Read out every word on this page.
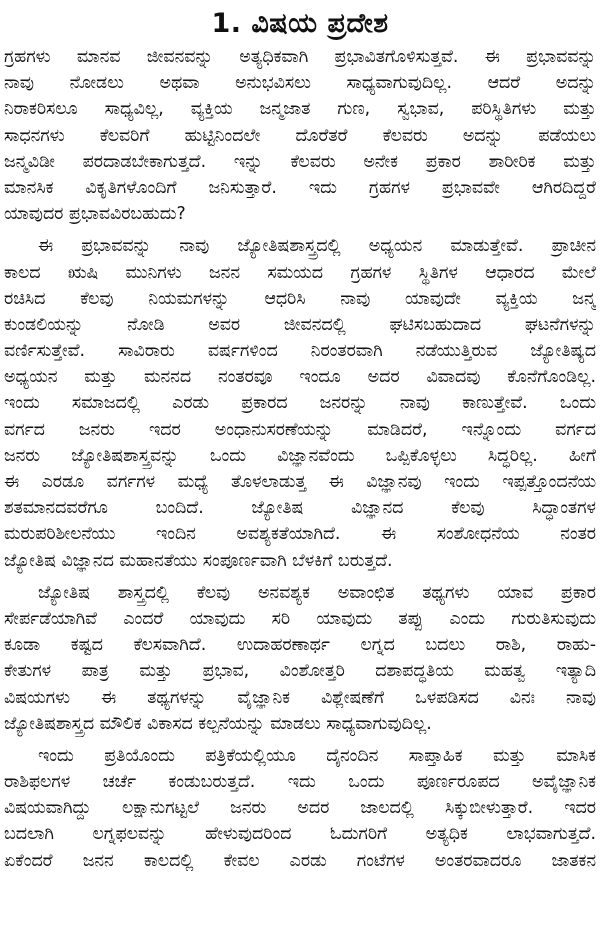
1. ವಿಷಯ ಪ್ರದೇಶ
ಗ್ರಹಗಳು ಮಾನವ ಜೀವನವನ್ನು ಅತ್ಯಧಿಕವಾಗಿ ಪ್ರಭಾವಿತಗೊಳಿಸುತ್ತವೆ. ಈ ಪ್ರಭಾವವನ್ನು
ನಾವು ನೋಡಲು ಅಥವಾ ಅನುಭವಿಸಲು ಸಾಧ್ಯವಾಗುವುದಿಲ್ಲ. ಆದರೆ ಅದನ್ನು
ನಿರಾಕರಿಸಲೂ ಸಾಧ್ಯವಿಲ್ಲ, ವ್ಯಕ್ತಿಯ ಜನ್ಮಜಾತ ಗುಣ, ಸ್ವಭಾವ, ಪರಿಸ್ಥಿತಿಗಳು ಮತ್ತು
ಸಾಧನಗಳು ಕೆಲವರಿಗೆ ಹುಟ್ಟಿನಿಂದಲೇ ದೊರೆತರೆ ಕೆಲವರು ಅದನ್ನು ಪಡೆಯಲು
ಜನ್ಮವಿಡೀ ಪರದಾಡಬೇಕಾಗುತ್ತದೆ. ಇನ್ನು ಕೆಲವರು ಅನೇಕ ಪ್ರಕಾರ ಶಾರೀರಿಕ ಮತ್ತು
ಮಾನಸಿಕ ವಿಕೃತಿಗಳೊಂದಿಗೆ ಜನಿಸುತ್ತಾರೆ. ಇದು ಗ್ರಹಗಳ ಪ್ರಭಾವವೇ ಆಗಿರದಿದ್ದರೆ
ಯಾವುದರ ಪ್ರಭಾವವಿರಬಹುದು?
ಈ ಪ್ರಭಾವವನ್ನು ನಾವು ಜ್ಯೋತಿಷಶಾಸ್ತ್ರದಲ್ಲಿ ಅಧ್ಯಯನ ಮಾಡುತ್ತೇವೆ. ಪ್ರಾಚೀನ
ಕಾಲದ ಋಷಿ ಮುನಿಗಳು ಜನನ ಸಮಯದ ಗ್ರಹಗಳ ಸ್ಥಿತಿಗಳ ಆಧಾರದ ಮೇಲೆ
ರಚಿಸಿದ ಕೆಲವು ನಿಯಮಗಳನ್ನು ಆಧರಿಸಿ ನಾವು ಯಾವುದೇ ವ್ಯಕ್ತಿಯ ಜನ್ಮ
ಕುಂಡಲಿಯನ್ನು ನೋಡಿ ಅವರ ಜೀವನದಲ್ಲಿ ಘಟಿಸಬಹುದಾದ ಘಟನೆಗಳನ್ನು
ವರ್ಣಿಸುತ್ತೇವೆ. ಸಾವಿರಾರು ವರ್ಷಗಳಿಂದ ನಿರಂತರವಾಗಿ ನಡೆಯುತ್ತಿರುವ ಜ್ಯೋತಿಷ್ಯದ
ಅಧ್ಯಯನ ಮತ್ತು ಮನನದ ನಂತರವೂ ಇಂದೂ ಅದರ ವಿವಾದವು ಕೊನೆಗೊಂಡಿಲ್ಲ.
ಇಂದು ಸಮಾಜದಲ್ಲಿ ಎರಡು ಪ್ರಕಾರದ ಜನರನ್ನು ನಾವು ಕಾಣುತ್ತೇವೆ. ಒಂದು
ವರ್ಗದ ಜನರು ಇದರ ಅಂಧಾನುಸರಣೆಯನ್ನು ಮಾಡಿದರೆ, ಇನ್ನೊಂದು ವರ್ಗದ
ಜನರು ಜ್ಯೋತಿಷಶಾಸ್ತ್ರವನ್ನು ಒಂದು ವಿಜ್ಞಾನವೆಂದು ಒಪ್ಪಿಕೊಳ್ಳಲು ಸಿದ್ಧರಿಲ್ಲ. ಹೀಗೆ
ಈ ಎರಡೂ ವರ್ಗಗಳ ಮಧ್ಯೆ ತೊಳಲಾಡುತ್ತ ಈ ವಿಜ್ಞಾನವು ಇಂದು ಇಪ್ಪತ್ತೊಂದನೆಯ
ಶತಮಾನದವರೆಗೂ ಬಂದಿದೆ. ಜ್ಯೋತಿಷ ವಿಜ್ಞಾನದ ಕೆಲವು ಸಿದ್ಧಾಂತಗಳ
ಮರುಪರಿಶೀಲನೆಯು ಇಂದಿನ ಅವಶ್ಯಕತೆಯಾಗಿದೆ. ಈ ಸಂಶೋಧನೆಯ ನಂತರ
ಜ್ಯೋತಿಷ ವಿಜ್ಞಾನದ ಮಹಾನತೆಯು ಸಂಪೂರ್ಣವಾಗಿ ಬೆಳಕಿಗೆ ಬರುತ್ತದೆ.
ಜ್ಯೋತಿಷ ಶಾಸ್ತ್ರದಲ್ಲಿ ಕೆಲವು ಅನವಶ್ಯಕ ಅವಾಂಛಿತ ತಥ್ಯಗಳು ಯಾವ ಪ್ರಕಾರ
ಸೇರ್ಪಡೆಯಾಗಿವೆ ಎಂದರೆ ಯಾವುದು ಸರಿ ಯಾವುದು ತಪ್ಪು ಎಂದು ಗುರುತಿಸುವುದು
ಕೂಡಾ ಕಷ್ಟದ ಕೆಲಸವಾಗಿದೆ. ಉದಾಹರಣಾರ್ಥ ಲಗ್ನದ ಬದಲು ರಾಶಿ, ರಾಹು-
ಕೇತುಗಳ ಪಾತ್ರ ಮತ್ತು ಪ್ರಭಾವ, ವಿಂಶೋತ್ತರಿ ದಶಾಪದ್ಧತಿಯ ಮಹತ್ವ ಇತ್ಯಾದಿ
ವಿಷಯಗಳು ಈ ತಥ್ಯಗಳನ್ನು ವೈಜ್ಞಾನಿಕ ವಿಶ್ಲೇಷಣೆಗೆ ಒಳಪಡಿಸದ ವಿನಃ ನಾವು
ಜ್ಯೋತಿಷಶಾಸ್ತ್ರದ ಮೌಲಿಕ ವಿಕಾಸದ ಕಲ್ಪನೆಯನ್ನು ಮಾಡಲು ಸಾಧ್ಯವಾಗುವುದಿಲ್ಲ.
ಇಂದು ಪ್ರತಿಯೊಂದು ಪತ್ರಿಕೆಯಲ್ಲಿಯೂ ದೈನಂದಿನ ಸಾಪ್ತಾಹಿಕ ಮತ್ತು ಮಾಸಿಕ
ರಾಶಿಫಲಗಳ ಚರ್ಚೆ ಕಂಡುಬರುತ್ತದೆ. ಇದು ಒಂದು ಪೂರ್ಣರೂಪದ ಅವೈಜ್ಞಾನಿಕ
ವಿಷಯವಾಗಿದ್ದು ಲಕ್ಷಾನುಗಟ್ಟಲೆ ಜನರು ಅದರ ಜಾಲದಲ್ಲಿ ಸಿಕ್ಕುಬೀಳುತ್ತಾರೆ. ಇದರ
ಬದಲಾಗಿ ಲಗ್ನಫಲವನ್ನು ಹೇಳುವುದರಿಂದ ಓದುಗರಿಗೆ ಅತ್ಯಧಿಕ ಲಾಭವಾಗುತ್ತದೆ.
ಏಕೆಂದರೆ ಜನನ ಕಾಲದಲ್ಲಿ ಕೇವಲ ಎರಡು ಗಂಟೆಗಳ ಅಂತರವಾದರೂ ಜಾತಕನ
